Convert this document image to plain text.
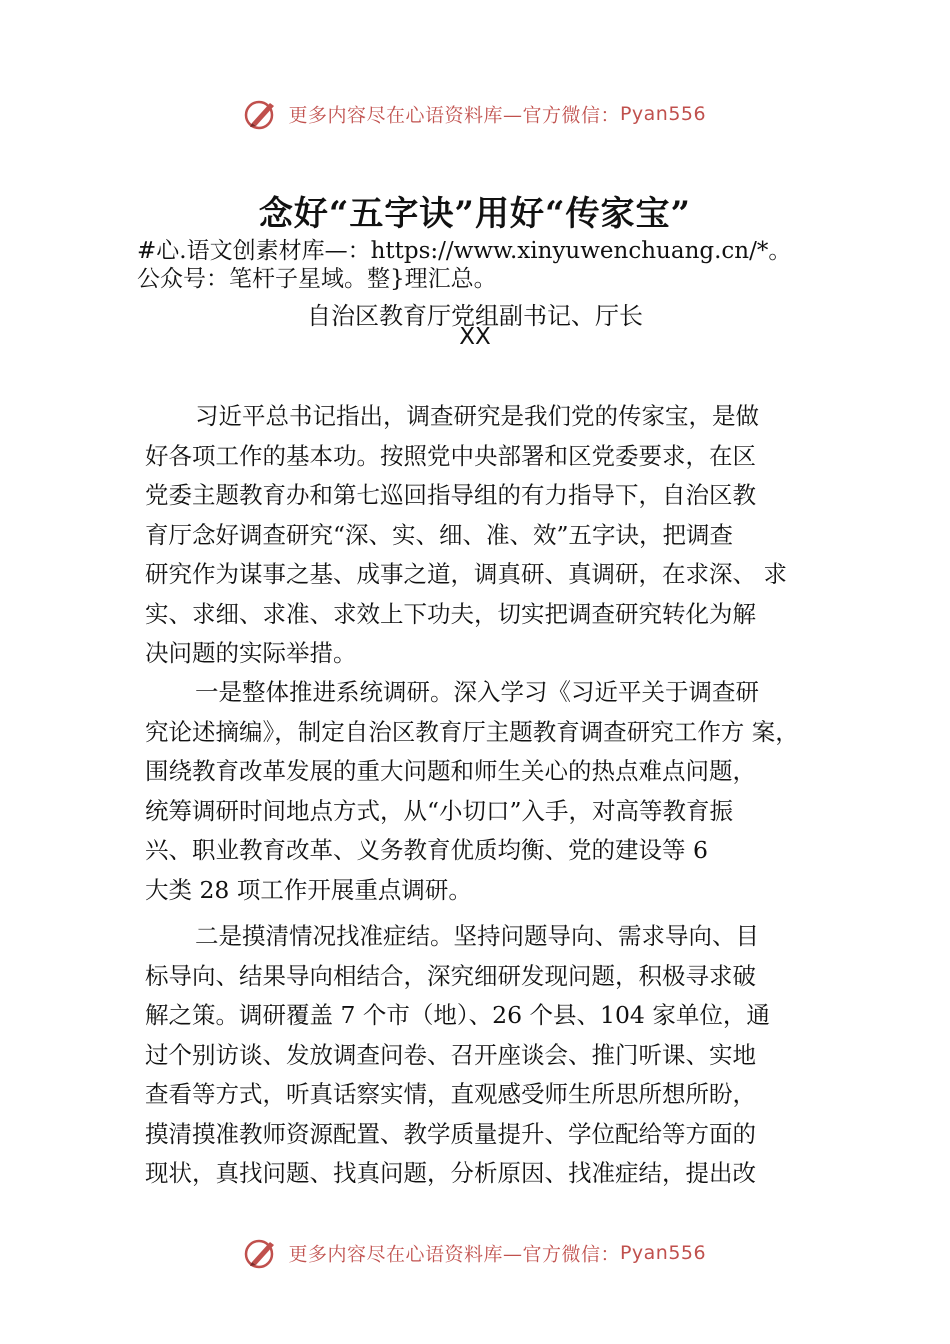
更多内容尽在心语资料库—官方微信：Pyan556
念好“五字诀”用好“传家宝”
#心.语文创素材库—：https://www.xinyuwenchuang.cn/*。
公众号：笔杆子星域。整}理汇总。
自治区教育厅党组副书记、厅长
XX
习近平总书记指出，调查研究是我们党的传家宝，是做
好各项工作的基本功。按照党中央部署和区党委要求，在区
党委主题教育办和第七巡回指导组的有力指导下，自治区教
育厅念好调查研究“深、实、细、准、效”五字诀，把调查
研究作为谋事之基、成事之道，调真研、真调研，在求深、 求
实、求细、求准、求效上下功夫，切实把调查研究转化为解
决问题的实际举措。
一是整体推进系统调研。深入学习《习近平关于调查研
究论述摘编》，制定自治区教育厅主题教育调查研究工作方 案，
围绕教育改革发展的重大问题和师生关心的热点难点问题，
统筹调研时间地点方式，从“小切口”入手，对高等教育振
兴、职业教育改革、义务教育优质均衡、党的建设等 6
大类 28 项工作开展重点调研。
二是摸清情况找准症结。坚持问题导向、需求导向、目
标导向、结果导向相结合，深究细研发现问题，积极寻求破
解之策。调研覆盖 7 个市（地）、26 个县、104 家单位，通
过个别访谈、发放调查问卷、召开座谈会、推门听课、实地
查看等方式，听真话察实情，直观感受师生所思所想所盼，
摸清摸准教师资源配置、教学质量提升、学位配给等方面的
现状，真找问题、找真问题，分析原因、找准症结，提出改
更多内容尽在心语资料库—官方微信：Pyan556
